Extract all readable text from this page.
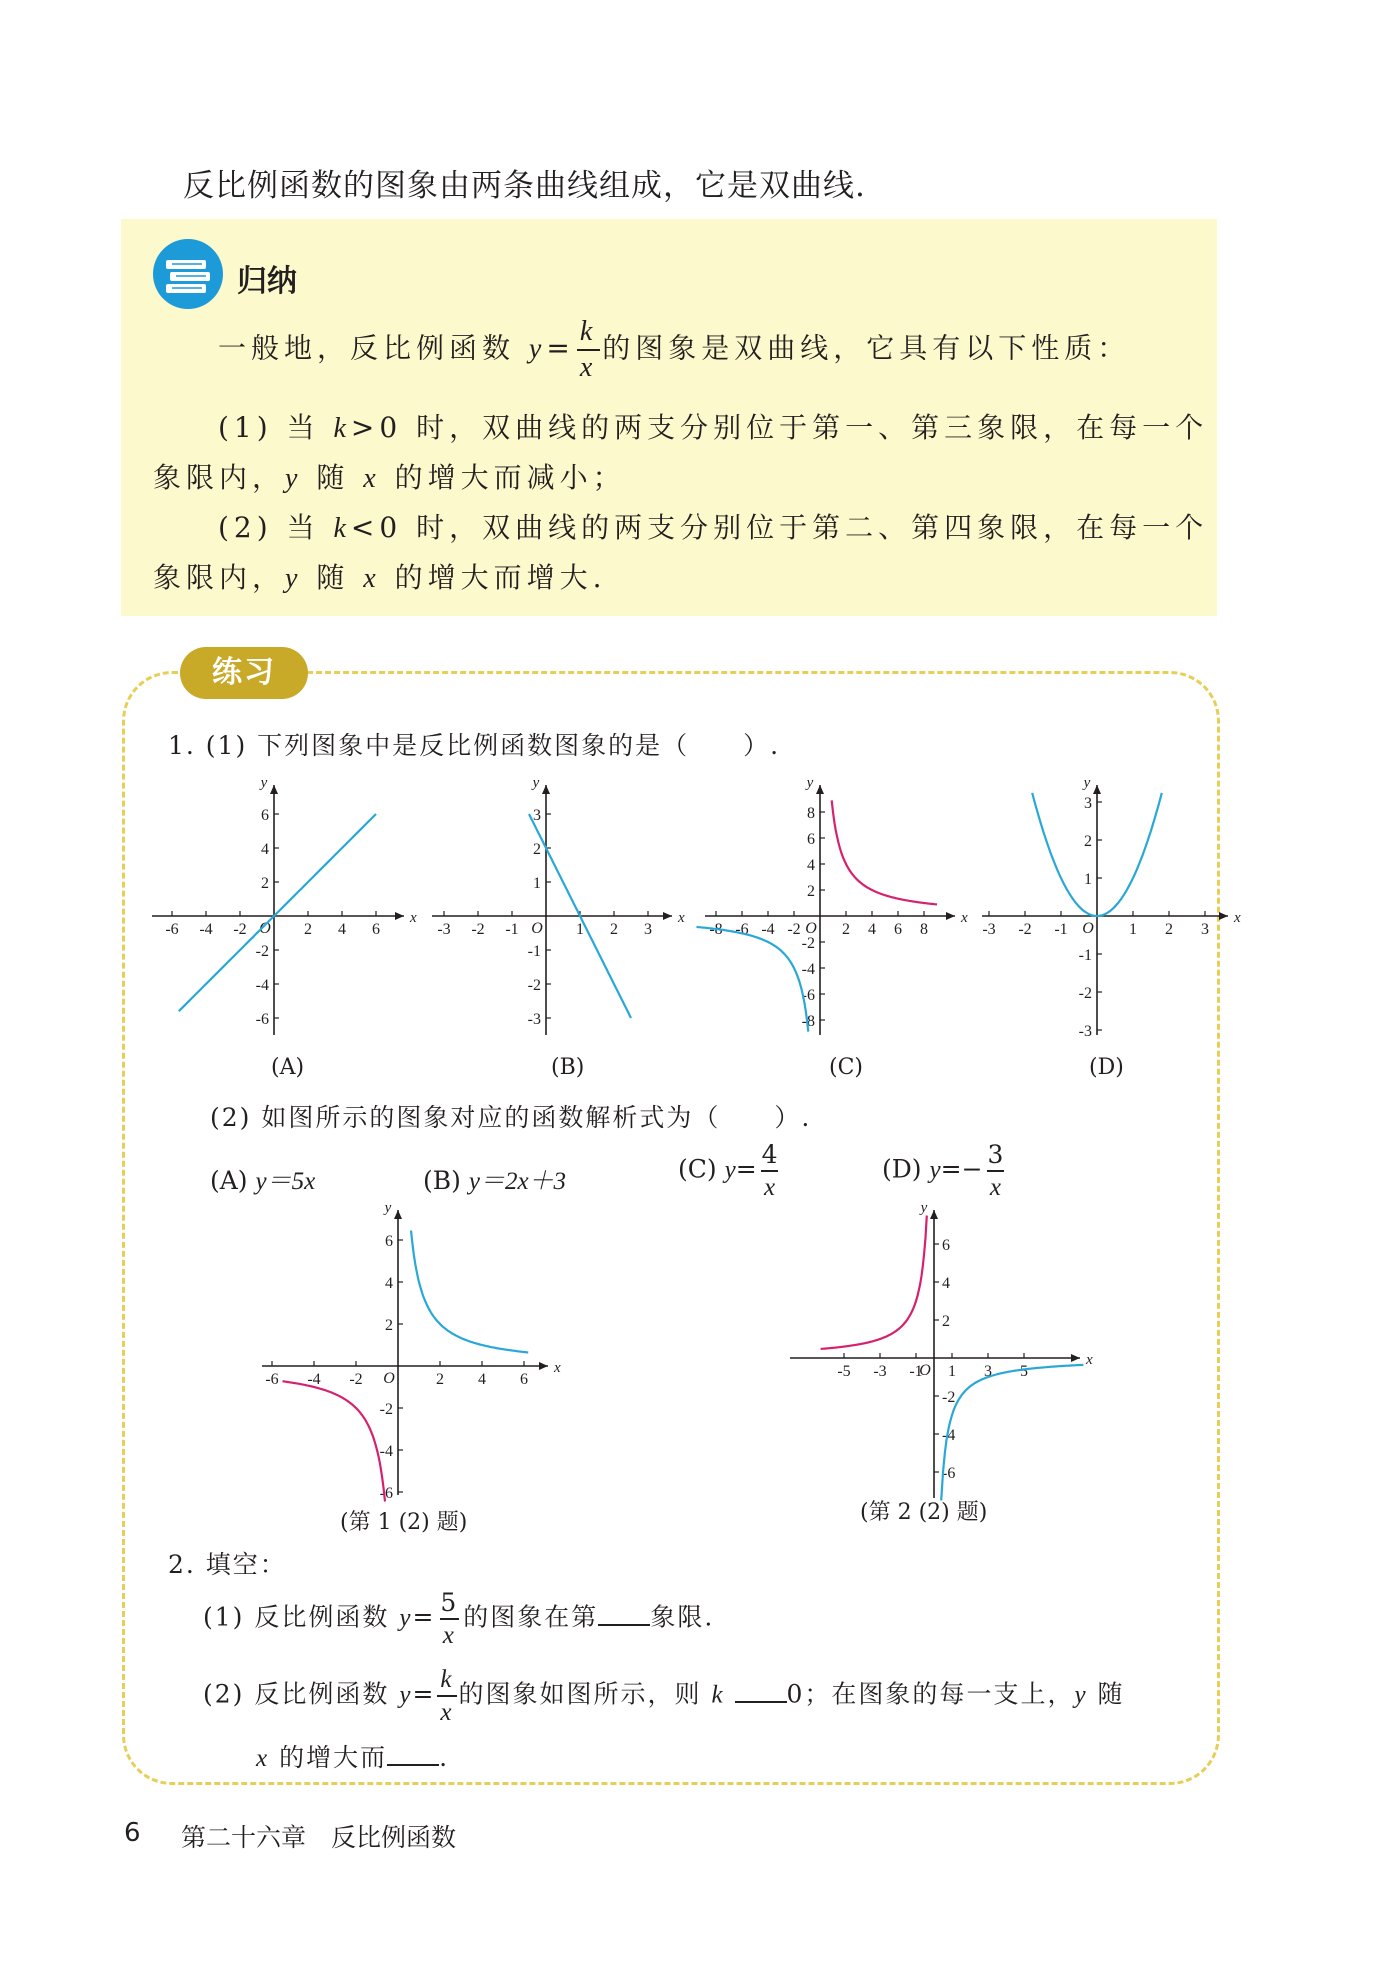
反比例函数的图象由两条曲线组成，它是双曲线.
归纳
一般地，反比例函数 $y= \frac{k}{x}$ 的图象是双曲线，它具有以下性质：
(1) 当 k>0 时，双曲线的两支分别位于第一、第三象限，在每一个
象限内，y 随 x 的增大而减小；
(2) 当 k<0 时，双曲线的两支分别位于第二、第四象限，在每一个
象限内，y 随 x 的增大而增大.
练习
1. (1) 下列图象中是反比例函数图象的是（　　）.
x
y
O
-6 -4 -2	2 4 6
6
4
2
-2
-4
-6
x
y
O
-3 -2 -1	1 2 3
3
2
1
-1
-2
-3
x
y
O
-8 -6 -4 -2	2 4 6 8
8
6
4
2
-2
-4
-6
-8
x
y
O
-3 -2 -1	1 2 3
3
2
1
-1
-2
-3
x
y
O
-6 -4 -2	2 4 6
6
4
2
-2
-4
-6
x
y
O
-5 -3 -1 1 3 5
6
4
2
-2
-4
-6
(A)	(B)	(C)	(D)
(2) 如图所示的图象对应的函数解析式为（　　）.
(A) y＝5x	(B) y＝2x＋3	(C) $y= \frac{4}{x}$	(D) $y=- \frac{3}{x}$
(第 1 (2) 题)	(第 2 (2) 题)
2. 填空：
(1) 反比例函数 $y= \frac{5}{x}$ 的图象在第 象限.
(2) 反比例函数 $y= \frac{k}{x}$ 的图象如图所示，则 k 0；在图象的每一支上，y 随
x 的增大而 .
6 第二十六章　反比例函数
